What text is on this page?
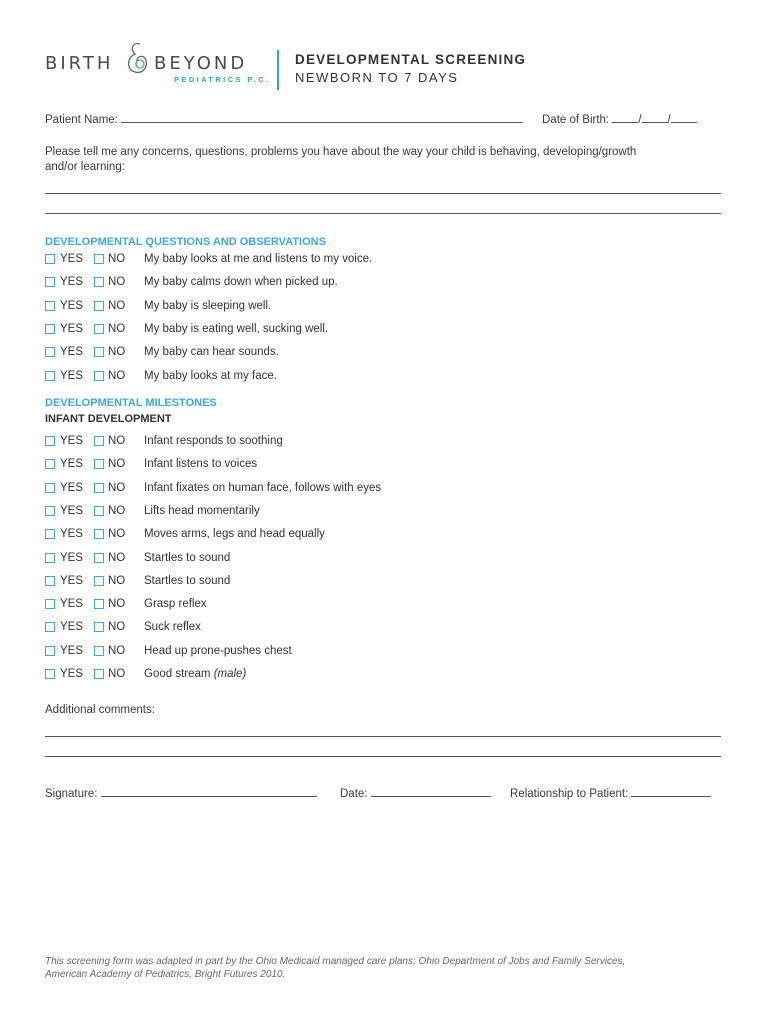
BIRTH BEYOND
PEDIATRICS P.C.
DEVELOPMENTAL SCREENING
NEWBORN TO 7 DAYS
Patient Name:	Date of Birth:	/ /
Please tell me any concerns, questions, problems you have about the way your child is behaving, developing/growth
and/or learning:
DEVELOPMENTAL QUESTIONS AND OBSERVATIONS
YES NO My baby looks at me and listens to my voice.
YES NO My baby calms down when picked up.
YES NO My baby is sleeping well.
YES NO My baby is eating well, sucking well.
YES NO My baby can hear sounds.
YES NO My baby looks at my face.
DEVELOPMENTAL MILESTONES
INFANT DEVELOPMENT
YES NO Infant responds to soothing
YES NO Infant listens to voices
YES NO Infant fixates on human face, follows with eyes
YES NO Lifts head momentarily
YES NO Moves arms, legs and head equally
YES NO Startles to sound
YES NO Startles to sound
YES NO Grasp reflex
YES NO Suck reflex
YES NO Head up prone-pushes chest
YES NO Good stream (male)
Additional comments:
Signature:	Date:	Relationship to Patient:
This screening form was adapted in part by the Ohio Medicaid managed care plans; Ohio Department of Jobs and Family Services,
American Academy of Pediatrics, Bright Futures 2010.
